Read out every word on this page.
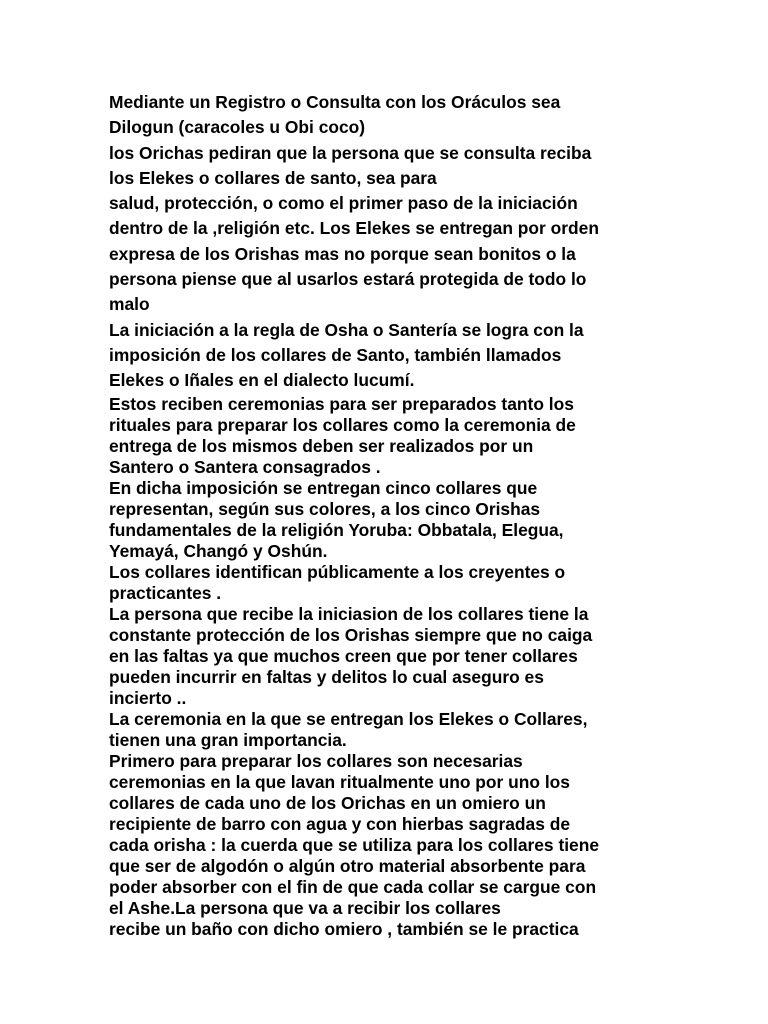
Mediante un Registro o Consulta con los Oráculos sea
Dilogun (caracoles u Obi coco)
los Orichas pediran que la persona que se consulta reciba
los Elekes o collares de santo, sea para
salud, protección, o como el primer paso de la iniciación
dentro de la ,religión etc. Los Elekes se entregan por orden
expresa de los Orishas mas no porque sean bonitos o la
persona piense que al usarlos estará protegida de todo lo
malo
La iniciación a la regla de Osha o Santería se logra con la
imposición de los collares de Santo, también llamados
Elekes o Iñales en el dialecto lucumí.
Estos reciben ceremonias para ser preparados tanto los
rituales para preparar los collares como la ceremonia de
entrega de los mismos deben ser realizados por un
Santero o Santera consagrados .
En dicha imposición se entregan cinco collares que
representan, según sus colores, a los cinco Orishas
fundamentales de la religión Yoruba: Obbatala, Elegua,
Yemayá, Changó y Oshún.
Los collares identifican públicamente a los creyentes o
practicantes .
La persona que recibe la iniciasion de los collares tiene la
constante protección de los Orishas siempre que no caiga
en las faltas ya que muchos creen que por tener collares
pueden incurrir en faltas y delitos lo cual aseguro es
incierto ..
La ceremonia en la que se entregan los Elekes o Collares,
tienen una gran importancia.
Primero para preparar los collares son necesarias
ceremonias en la que lavan ritualmente uno por uno los
collares de cada uno de los Orichas en un omiero un
recipiente de barro con agua y con hierbas sagradas de
cada orisha : la cuerda que se utiliza para los collares tiene
que ser de algodón o algún otro material absorbente para
poder absorber con el fin de que cada collar se cargue con
el Ashe.La persona que va a recibir los collares
recibe un baño con dicho omiero , también se le practica
